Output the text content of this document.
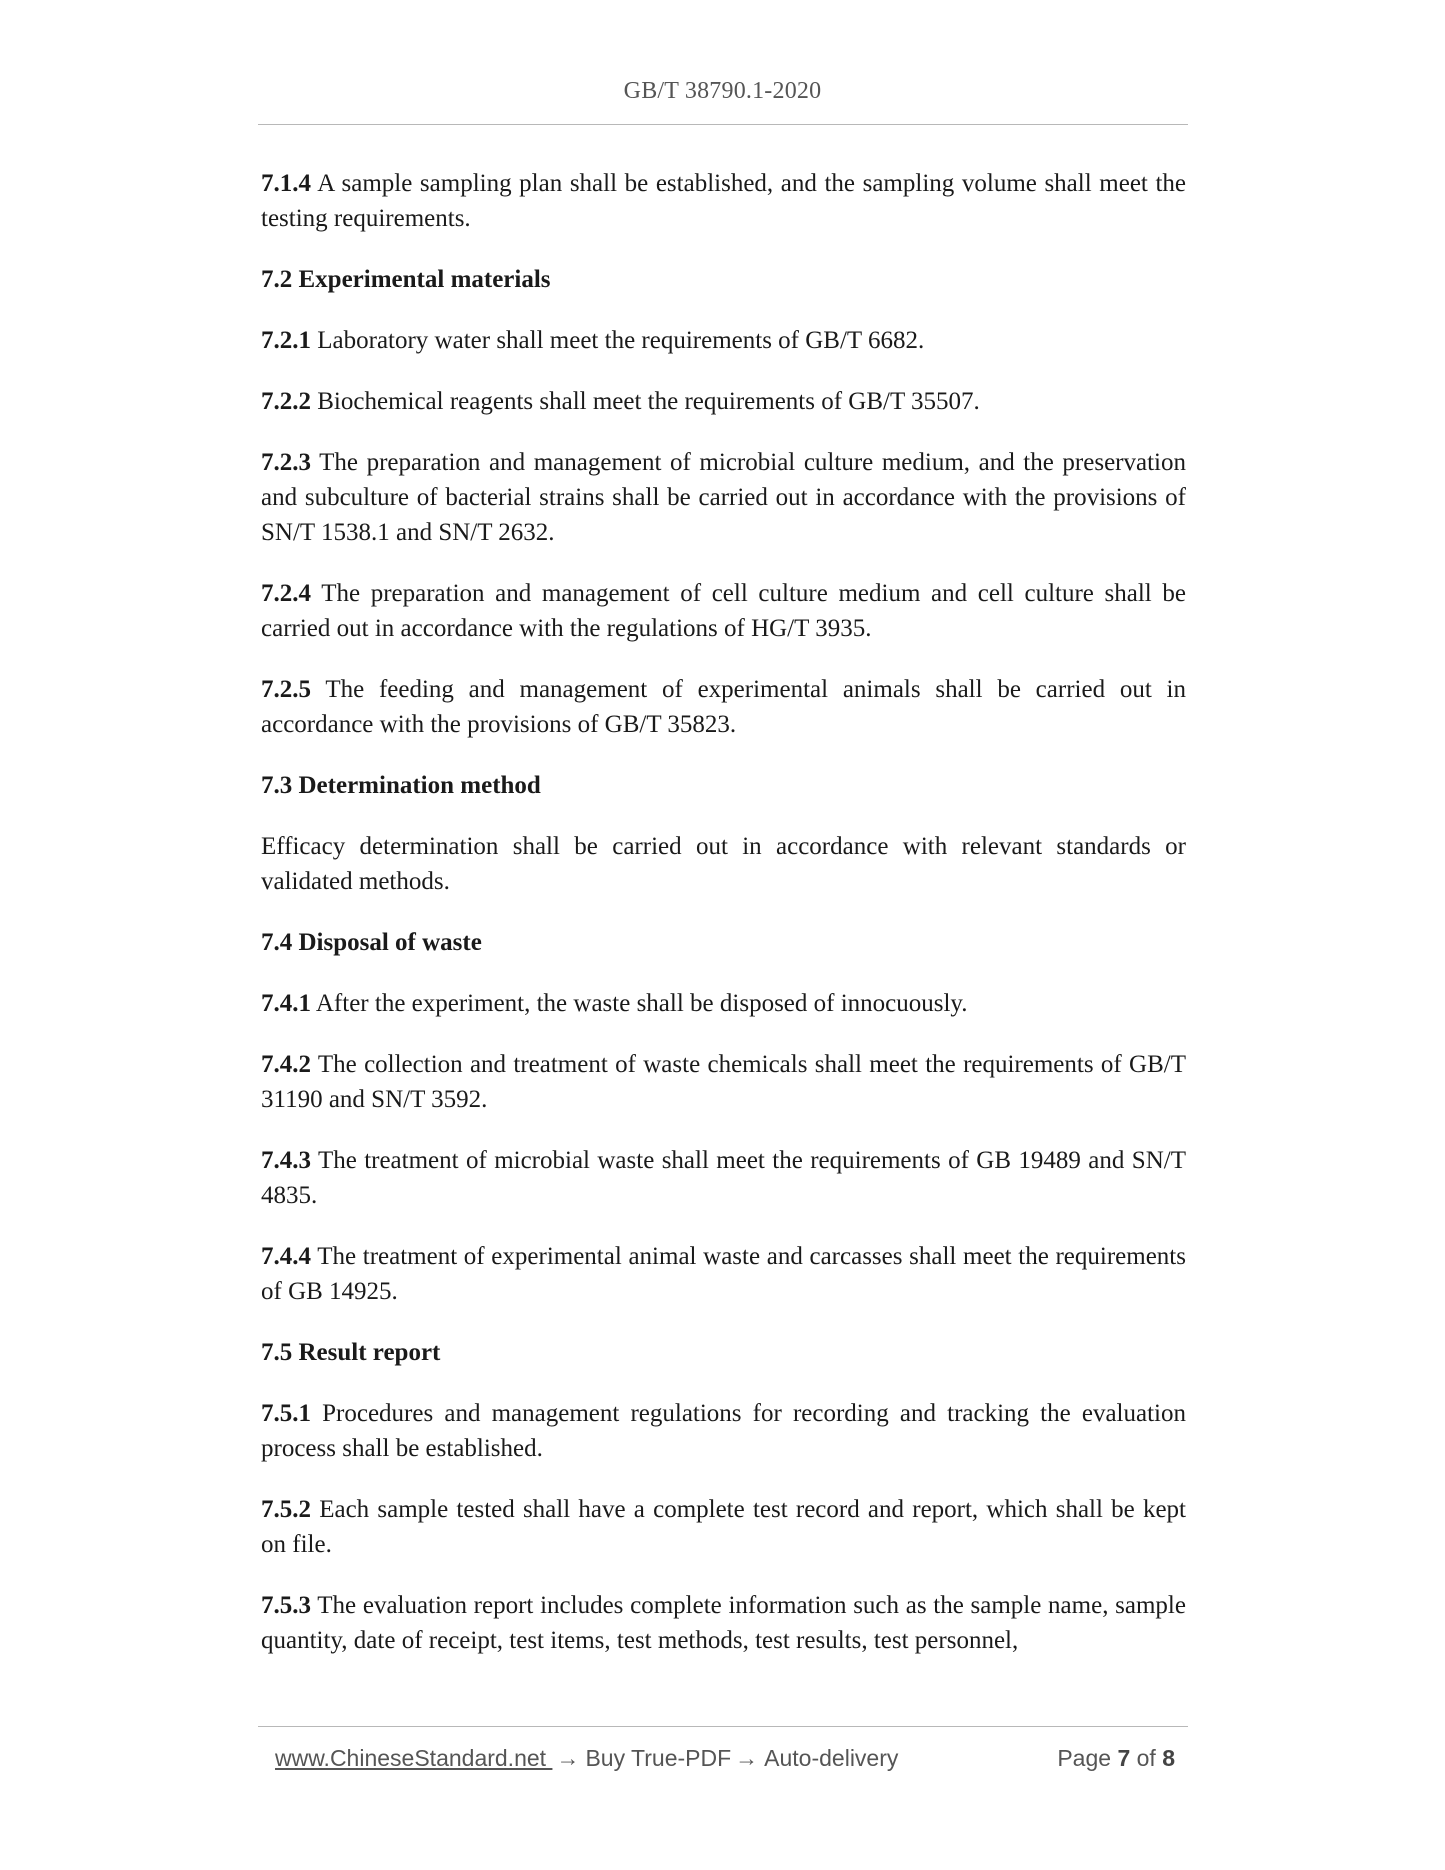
GB/T 38790.1-2020

7.1.4 A sample sampling plan shall be established, and the sampling volume shall meet the testing requirements.

7.2 Experimental materials

7.2.1 Laboratory water shall meet the requirements of GB/T 6682.

7.2.2 Biochemical reagents shall meet the requirements of GB/T 35507.

7.2.3 The preparation and management of microbial culture medium, and the preservation and subculture of bacterial strains shall be carried out in accordance with the provisions of SN/T 1538.1 and SN/T 2632.

7.2.4 The preparation and management of cell culture medium and cell culture shall be carried out in accordance with the regulations of HG/T 3935.

7.2.5 The feeding and management of experimental animals shall be carried out in accordance with the provisions of GB/T 35823.

7.3 Determination method

Efficacy determination shall be carried out in accordance with relevant standards or validated methods.

7.4 Disposal of waste

7.4.1 After the experiment, the waste shall be disposed of innocuously.

7.4.2 The collection and treatment of waste chemicals shall meet the requirements of GB/T 31190 and SN/T 3592.

7.4.3 The treatment of microbial waste shall meet the requirements of GB 19489 and SN/T 4835.

7.4.4 The treatment of experimental animal waste and carcasses shall meet the requirements of GB 14925.

7.5 Result report

7.5.1 Procedures and management regulations for recording and tracking the evaluation process shall be established.

7.5.2 Each sample tested shall have a complete test record and report, which shall be kept on file.

7.5.3 The evaluation report includes complete information such as the sample name, sample quantity, date of receipt, test items, test methods, test results, test personnel,

www.ChineseStandard.net → Buy True-PDF → Auto-delivery	Page 7 of 8
